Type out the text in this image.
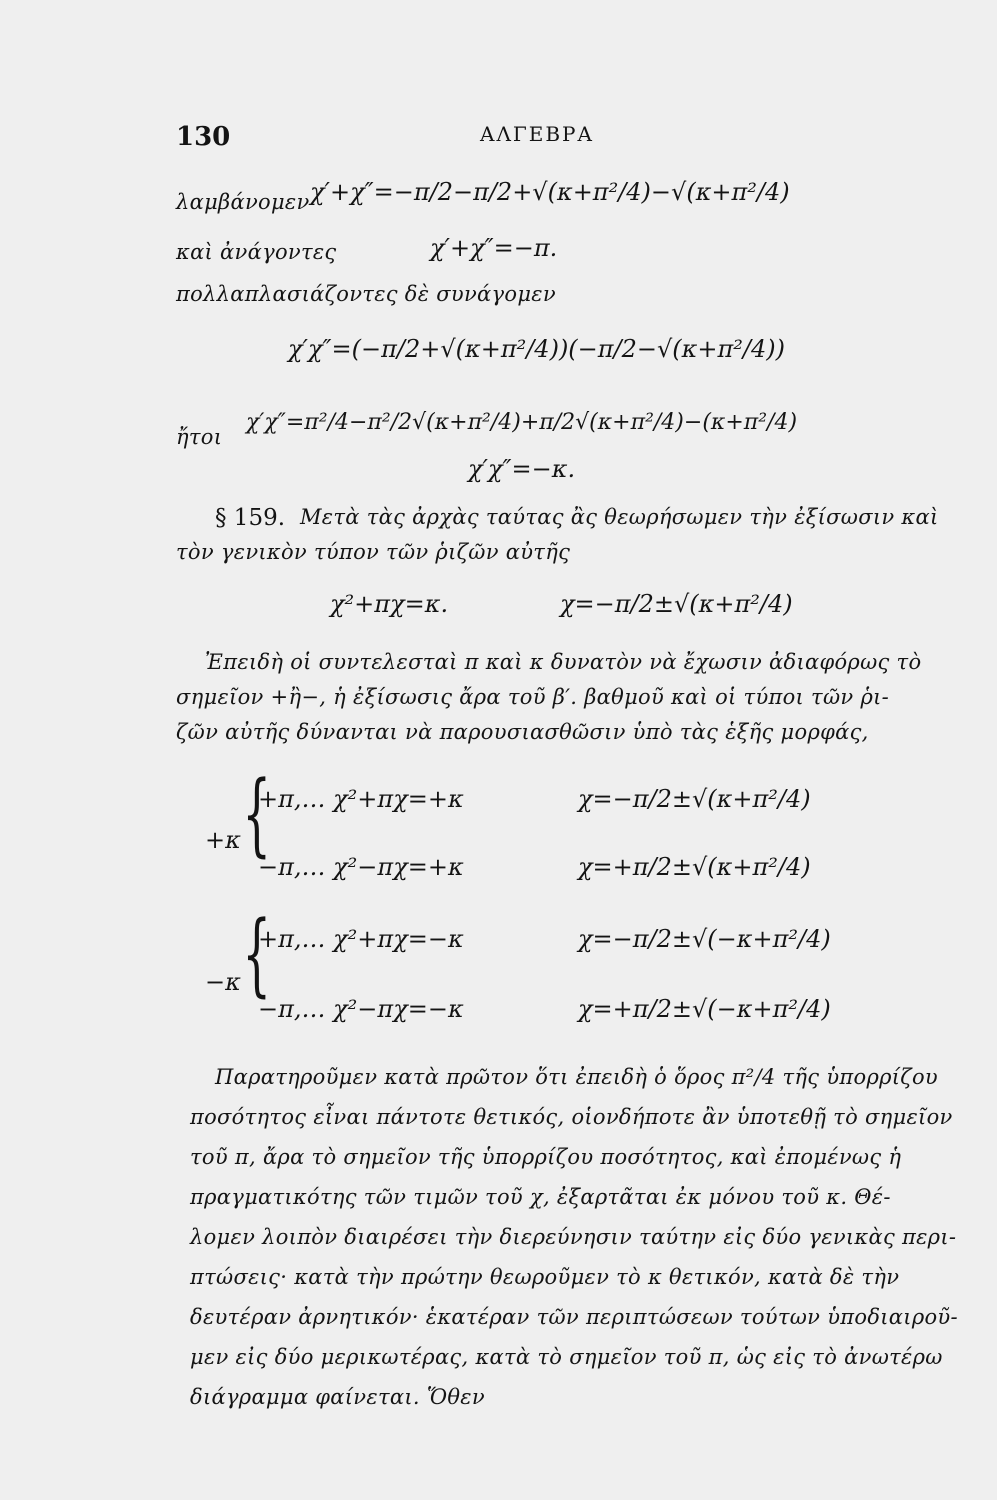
130	ΑΛΓΕΒΡΑ
λαμβάνομεν χ′+χ″=−π/2−π/2+√(κ+π²/4)−√(κ+π²/4)
καὶ ἀνάγοντες	χ′+χ″=−π.
πολλαπλασιάζοντες δὲ συνάγομεν
χ′χ″=(−π/2+√(κ+π²/4))(−π/2−√(κ+π²/4))
ἤτοι
χ′χ″=π²/4−π²/2√(κ+π²/4)+π/2√(κ+π²/4)−(κ+π²/4)
χ′χ″=−κ.
§ 159. Μετὰ τὰς ἀρχὰς ταύτας ἂς θεωρήσωμεν τὴν ἐξίσωσιν καὶ
τὸν γενικὸν τύπον τῶν ῥιζῶν αὐτῆς
χ²+πχ=κ.	χ=−π/2±√(κ+π²/4)
Ἐπειδὴ οἱ συντελεσταὶ π καὶ κ δυνατὸν νὰ ἔχωσιν ἀδιαφόρως τὸ
σημεῖον +ἢ−, ἡ ἐξίσωσις ἄρα τοῦ β′. βαθμοῦ καὶ οἱ τύποι τῶν ῥι-
ζῶν αὐτῆς δύνανται νὰ παρουσιασθῶσιν ὑπὸ τὰς ἑξῆς μορφάς,
+κ {
+π,… χ²+πχ=+κ	χ=−π/2±√(κ+π²/4)
−π,… χ²−πχ=+κ	χ=+π/2±√(κ+π²/4)
−κ {
+π,… χ²+πχ=−κ	χ=−π/2±√(−κ+π²/4)
−π,… χ²−πχ=−κ	χ=+π/2±√(−κ+π²/4)
Παρατηροῦμεν κατὰ πρῶτον ὅτι ἐπειδὴ ὁ ὅρος π²/4 τῆς ὑπορρίζου
ποσότητος εἶναι πάντοτε θετικός, οἱονδήποτε ἂν ὑποτεθῇ τὸ σημεῖον
τοῦ π, ἄρα τὸ σημεῖον τῆς ὑπορρίζου ποσότητος, καὶ ἐπομένως ἡ
πραγματικότης τῶν τιμῶν τοῦ χ, ἐξαρτᾶται ἐκ μόνου τοῦ κ. Θέ-
λομεν λοιπὸν διαιρέσει τὴν διερεύνησιν ταύτην εἰς δύο γενικὰς περι-
πτώσεις· κατὰ τὴν πρώτην θεωροῦμεν τὸ κ θετικόν, κατὰ δὲ τὴν
δευτέραν ἀρνητικόν· ἑκατέραν τῶν περιπτώσεων τούτων ὑποδιαιροῦ-
μεν εἰς δύο μερικωτέρας, κατὰ τὸ σημεῖον τοῦ π, ὡς εἰς τὸ ἀνωτέρω
διάγραμμα φαίνεται. Ὅθεν
